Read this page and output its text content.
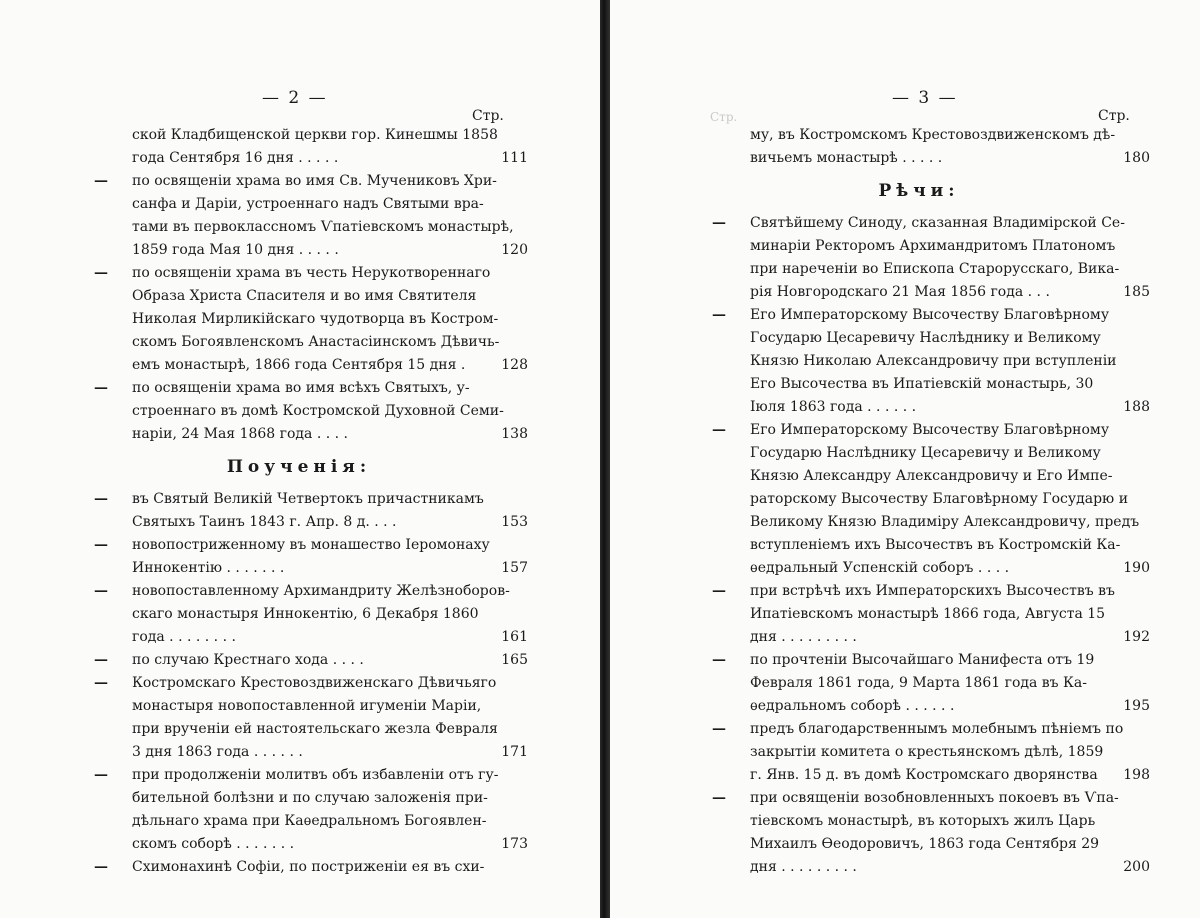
— 2 —
Стр.
ской Кладбищенской церкви гор. Кинешмы 1858
года Сентября 16 дня . . . . .	111
— по освященіи храма во имя Св. Мучениковъ Хри-
санфа и Даріи, устроеннаго надъ Святыми вра-
тами въ первоклассномъ Ѵпатіевскомъ монастырѣ,
1859 года Мая 10 дня . . . . .	120
— по освященіи храма въ честь Нерукотвореннаго
Образа Христа Спасителя и во имя Святителя
Николая Мирликійскаго чудотворца въ Костром-
скомъ Богоявленскомъ Анастасіинскомъ Дѣвичь-
емъ монастырѣ, 1866 года Сентября 15 дня .	128
— по освященіи храма во имя всѣхъ Святыхъ, у-
строеннаго въ домѣ Костромской Духовной Семи-
наріи, 24 Мая 1868 года . . . .	138
Поученія:
— въ Святый Великій Четвертокъ причастникамъ
Святыхъ Таинъ 1843 г. Апр. 8 д. . . .	153
— новопостриженному въ монашество Іеромонаху
Иннокентію . . . . . . .	157
— новопоставленному Архимандриту Желѣзноборов-
скаго монастыря Иннокентію, 6 Декабря 1860
года . . . . . . . .	161
— по случаю Крестнаго хода . . . .	165
— Костромскаго Крестовоздвиженскаго Дѣвичьяго
монастыря новопоставленной игуменіи Маріи,
при врученіи ей настоятельскаго жезла Февраля
3 дня 1863 года . . . . . .	171
— при продолженіи молитвъ объ избавленіи отъ гу-
бительной болѣзни и по случаю заложенія при-
дѣльнаго храма при Каѳедральномъ Богоявлен-
скомъ соборѣ . . . . . . .	173
— Схимонахинѣ Софіи, по постриженіи ея въ схи-
Стр.
— 3 —
Стр.
му, въ Костромскомъ Крестовоздвиженскомъ дѣ-
вичьемъ монастырѣ . . . . .	180
Рѣчи:
— Святѣйшему Синоду, сказанная Владимірской Се-
минаріи Ректоромъ Архимандритомъ Платономъ
при нареченіи во Епископа Старорусскаго, Вика-
рія Новгородскаго 21 Мая 1856 года . . .	185
— Его Императорскому Высочеству Благовѣрному
Государю Цесаревичу Наслѣднику и Великому
Князю Николаю Александровичу при вступленіи
Его Высочества въ Ипатіевскій монастырь, 30
Іюля 1863 года . . . . . .	188
— Его Императорскому Высочеству Благовѣрному
Государю Наслѣднику Цесаревичу и Великому
Князю Александру Александровичу и Его Импе-
раторскому Высочеству Благовѣрному Государю и
Великому Князю Владиміру Александровичу, предъ
вступленіемъ ихъ Высочествъ въ Костромскій Ка-
ѳедральный Успенскій соборъ . . . .	190
— при встрѣчѣ ихъ Императорскихъ Высочествъ въ
Ипатіевскомъ монастырѣ 1866 года, Августа 15
дня . . . . . . . . .	192
— по прочтеніи Высочайшаго Манифеста отъ 19
Февраля 1861 года, 9 Марта 1861 года въ Ка-
ѳедральномъ соборѣ . . . . . .	195
— предъ благодарственнымъ молебнымъ пѣніемъ по
закрытіи комитета о крестьянскомъ дѣлѣ, 1859
г. Янв. 15 д. въ домѣ Костромскаго дворянства	198
— при освященіи возобновленныхъ покоевъ въ Ѵпа-
тіевскомъ монастырѣ, въ которыхъ жилъ Царь
Михаилъ Ѳеодоровичъ, 1863 года Сентября 29
дня . . . . . . . . .	200
